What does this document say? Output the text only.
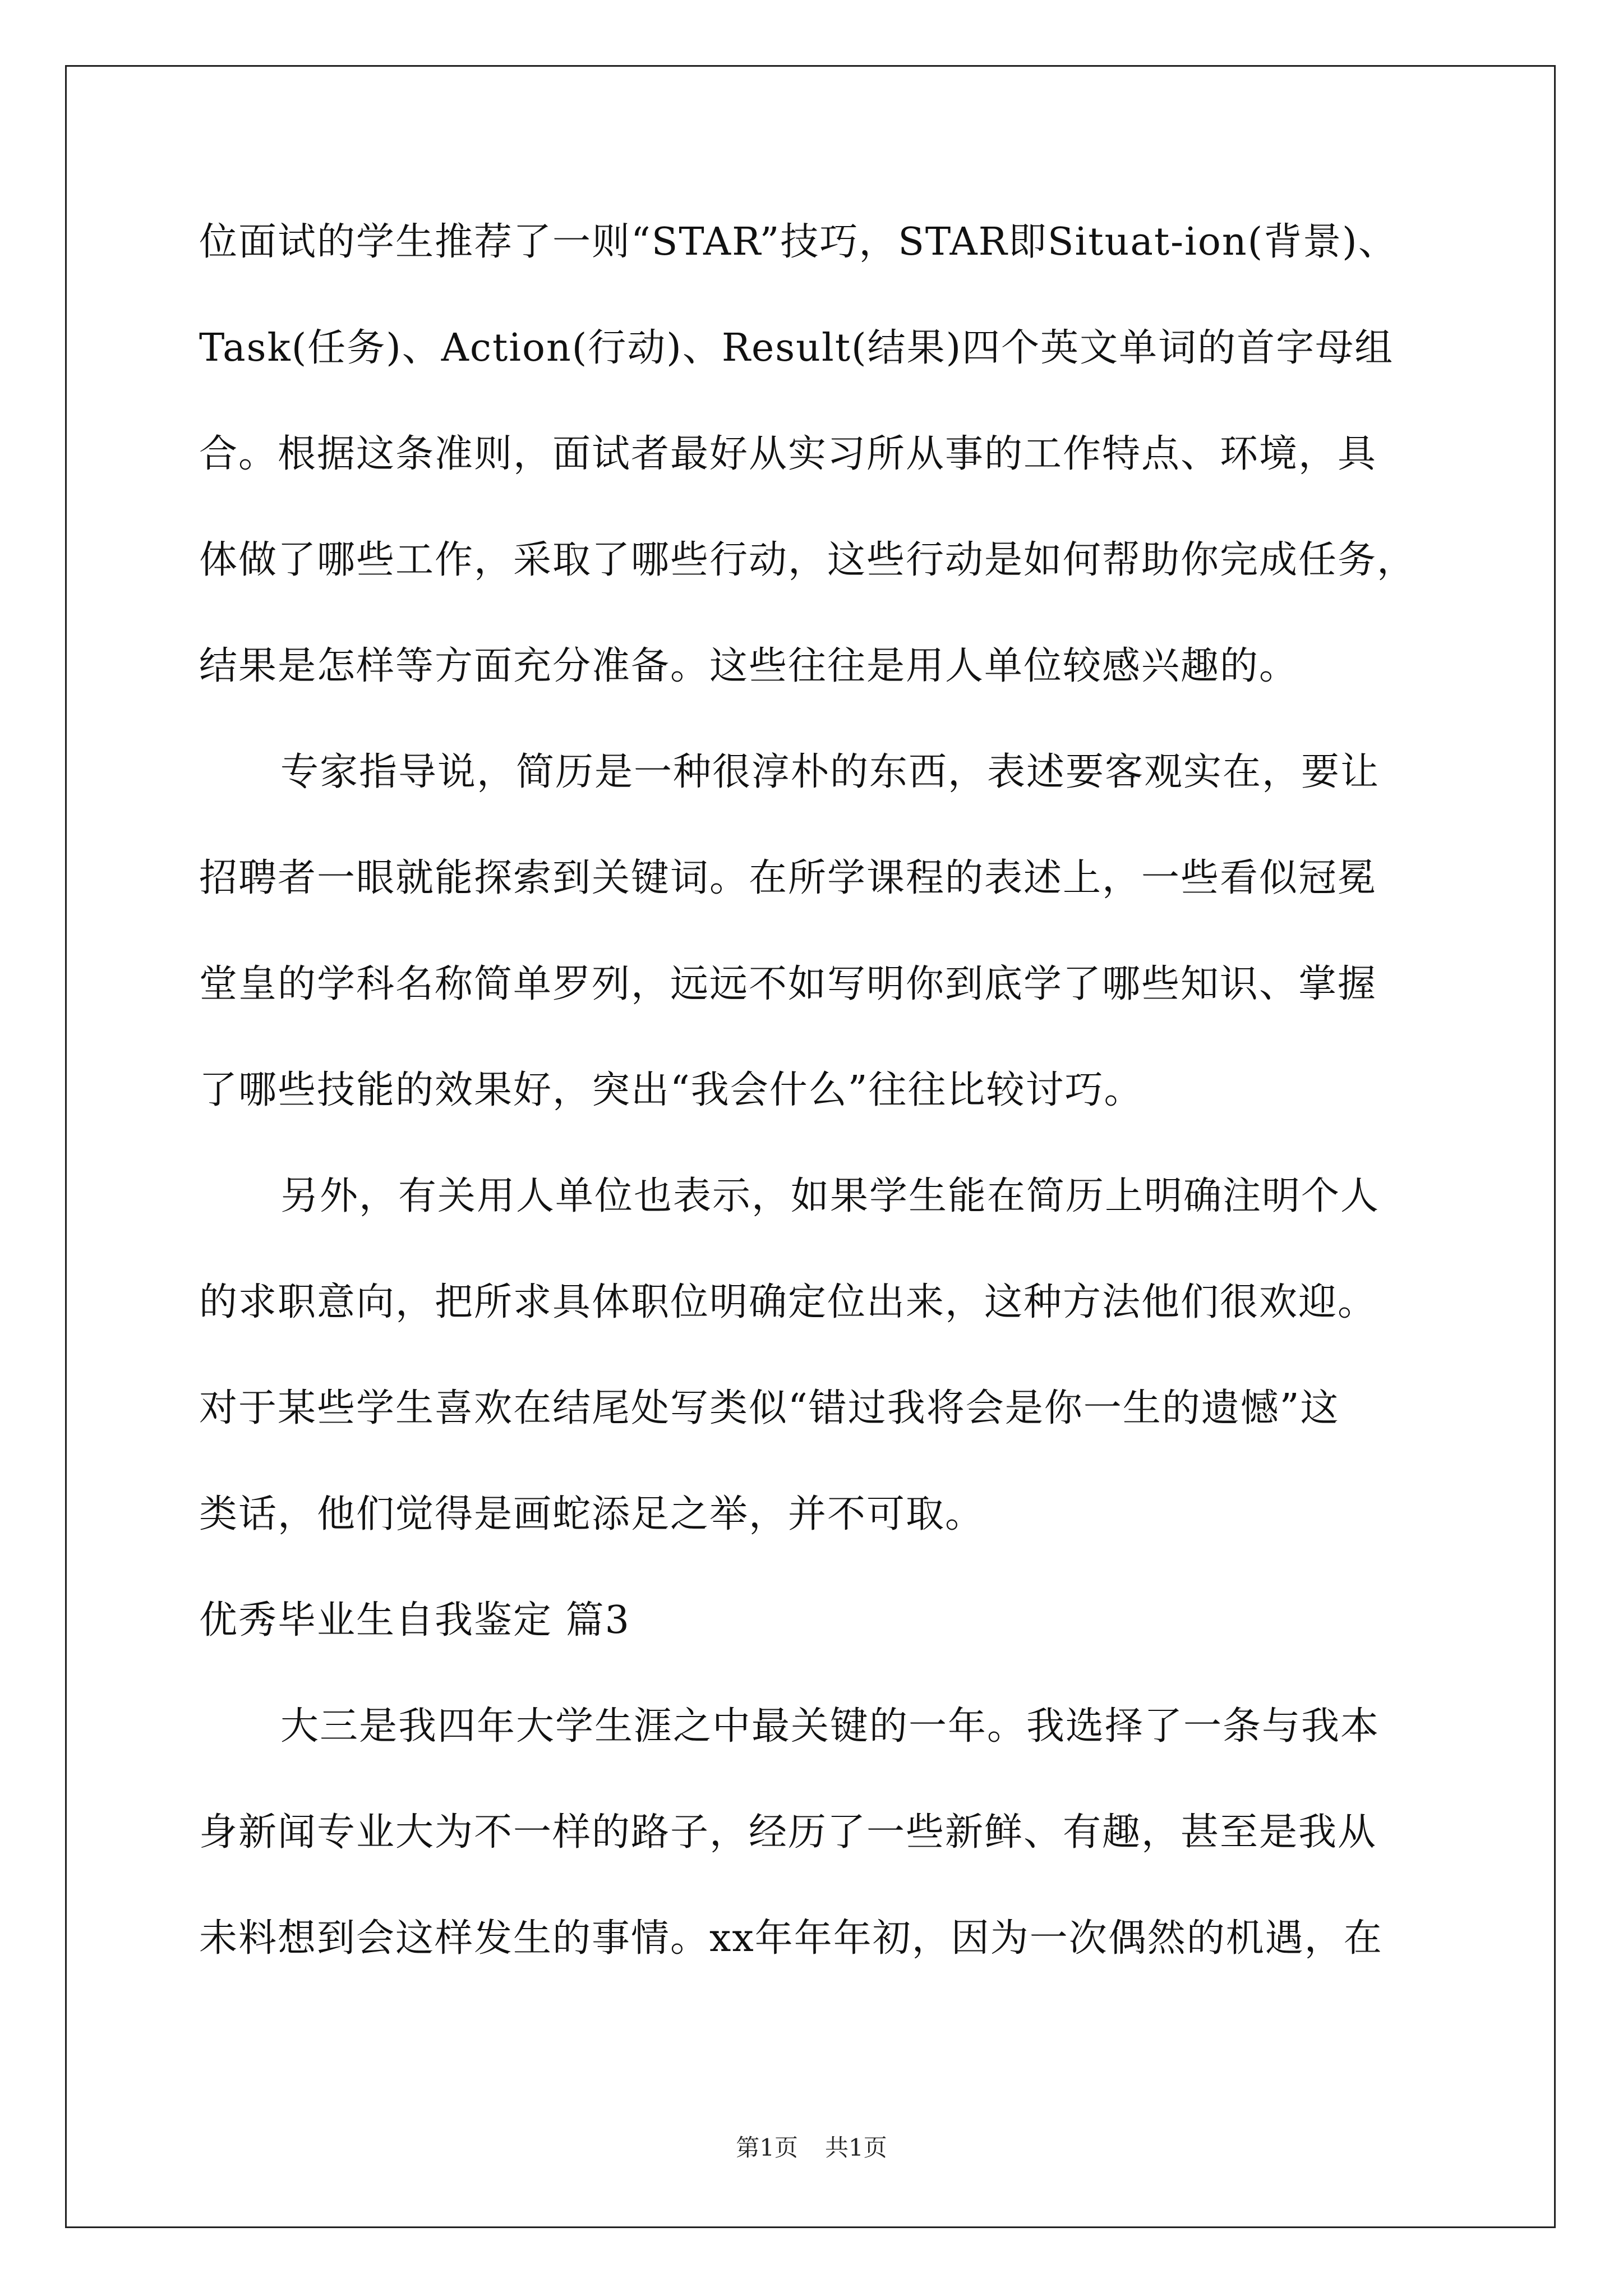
位面试的学生推荐了一则“STAR”技巧，STAR即Situat-ion(背景)、
Task(任务)、Action(行动)、Result(结果)四个英文单词的首字母组
合。根据这条准则，面试者最好从实习所从事的工作特点、环境，具
体做了哪些工作，采取了哪些行动，这些行动是如何帮助你完成任务，
结果是怎样等方面充分准备。这些往往是用人单位较感兴趣的。
专家指导说，简历是一种很淳朴的东西，表述要客观实在，要让
招聘者一眼就能探索到关键词。在所学课程的表述上，一些看似冠冕
堂皇的学科名称简单罗列，远远不如写明你到底学了哪些知识、掌握
了哪些技能的效果好，突出“我会什么”往往比较讨巧。
另外，有关用人单位也表示，如果学生能在简历上明确注明个人
的求职意向，把所求具体职位明确定位出来，这种方法他们很欢迎。
对于某些学生喜欢在结尾处写类似“错过我将会是你一生的遗憾”这
类话，他们觉得是画蛇添足之举，并不可取。
优秀毕业生自我鉴定 篇3
大三是我四年大学生涯之中最关键的一年。我选择了一条与我本
身新闻专业大为不一样的路子，经历了一些新鲜、有趣，甚至是我从
未料想到会这样发生的事情。xx年年年初，因为一次偶然的机遇，在
第1页 共1页
